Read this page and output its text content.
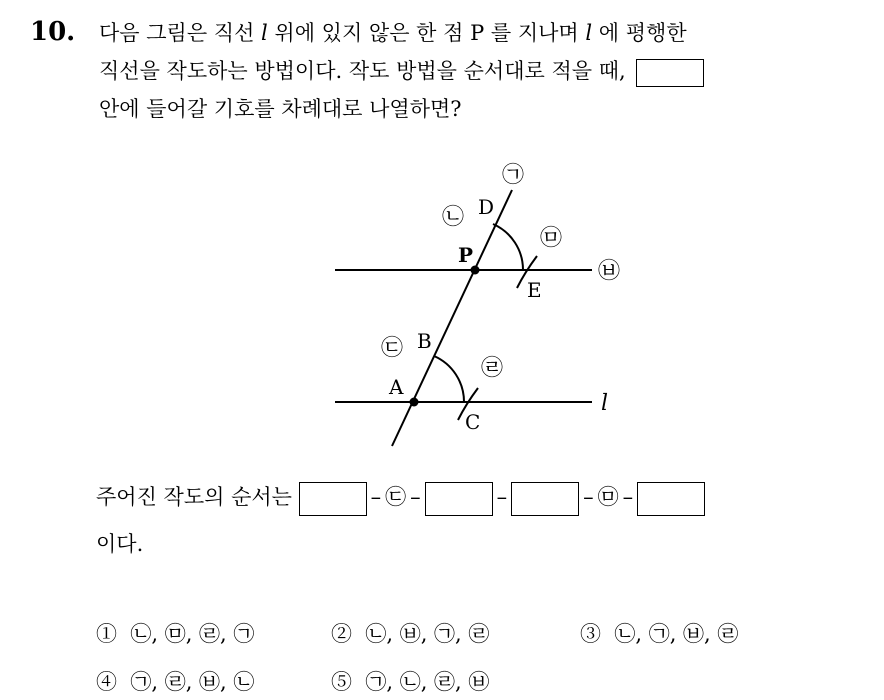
10. 다음 그림은 직선 l 위에 있지 않은 한 점 P 를 지나며 l 에 평행한
직선을 작도하는 방법이다. 작도 방법을 순서대로 적을 때,
안에 들어갈 기호를 차례대로 나열하면?
A
B
C
D
E
P
l
㉠
㉡
㉢
㉣
㉤
㉥
주어진 작도의 순서는	– ㉢ –	–	– ㉤ –
이다.
① ㉡, ㉤, ㉣, ㉠	② ㉡, ㉥, ㉠, ㉣	③ ㉡, ㉠, ㉥, ㉣
④ ㉠, ㉣, ㉥, ㉡	⑤ ㉠, ㉡, ㉣, ㉥
